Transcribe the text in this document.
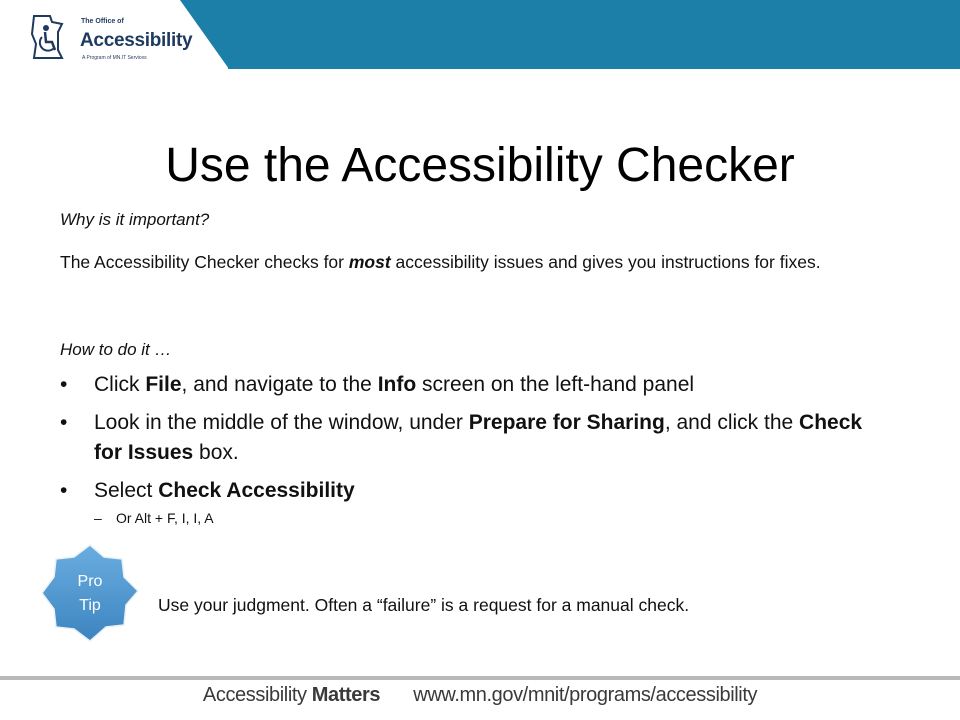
The Office of
Accessibility
A Program of MN.IT Services
Use the Accessibility Checker
Why is it important?
The Accessibility Checker checks for most accessibility issues and gives you instructions for fixes.
How to do it …
• Click File, and navigate to the Info screen on the left-hand panel
• Look in the middle of the window, under Prepare for Sharing, and click the Check for Issues box.
• Select Check Accessibility
– Or Alt + F, I, I, A
Pro
Tip	Use your judgment. Often a “failure” is a request for a manual check.
Accessibility Matters www.mn.gov/mnit/programs/accessibility
